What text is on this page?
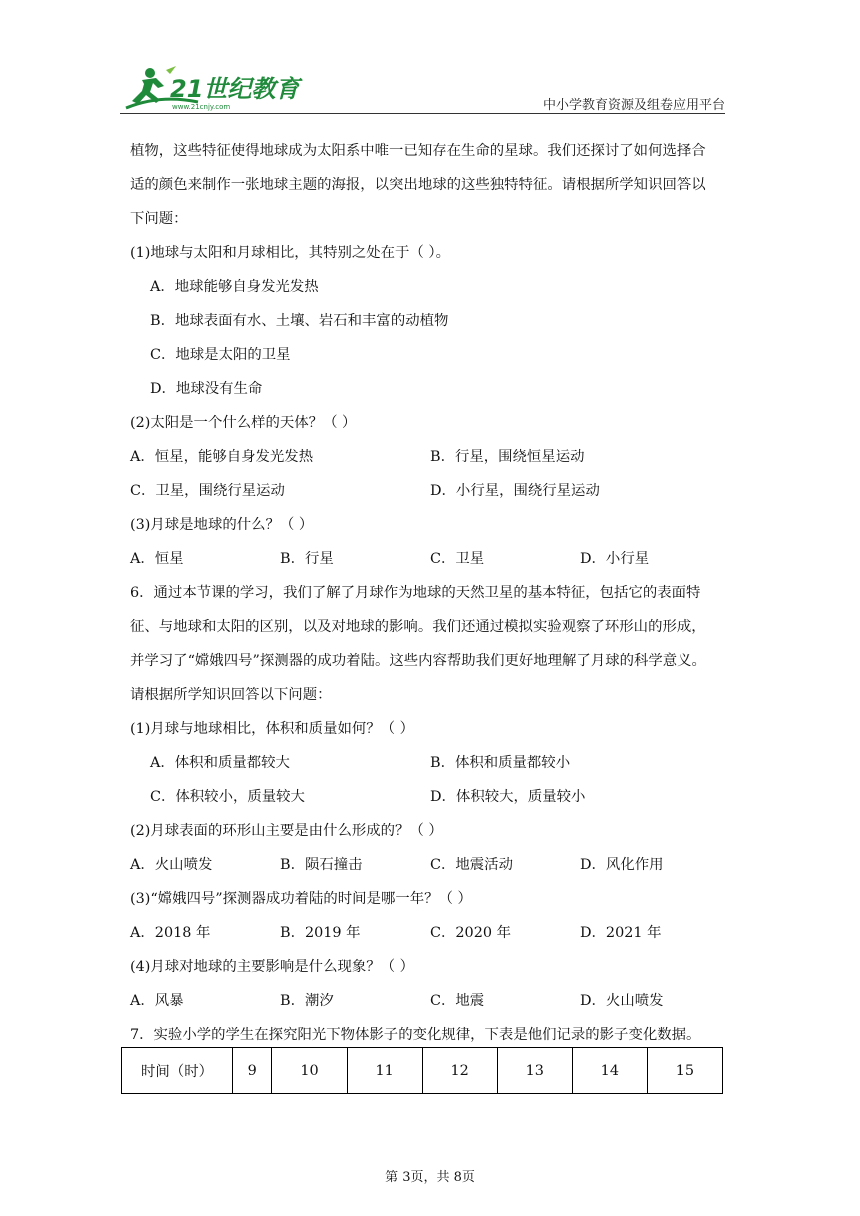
21世纪教育
www.21cnjy.com	中小学教育资源及组卷应用平台
植物，这些特征使得地球成为太阳系中唯一已知存在生命的星球。我们还探讨了如何选择合
适的颜色来制作一张地球主题的海报，以突出地球的这些独特特征。请根据所学知识回答以
下问题：
(1)地球与太阳和月球相比，其特别之处在于（ ）。
A．地球能够自身发光发热
B．地球表面有水、土壤、岩石和丰富的动植物
C．地球是太阳的卫星
D．地球没有生命
(2)太阳是一个什么样的天体？（ ）
A．恒星，能够自身发光发热	B．行星，围绕恒星运动
C．卫星，围绕行星运动	D．小行星，围绕行星运动
(3)月球是地球的什么？（ ）
A．恒星	B．行星	C．卫星	D．小行星
6．通过本节课的学习，我们了解了月球作为地球的天然卫星的基本特征，包括它的表面特
征、与地球和太阳的区别，以及对地球的影响。我们还通过模拟实验观察了环形山的形成，
并学习了“嫦娥四号”探测器的成功着陆。这些内容帮助我们更好地理解了月球的科学意义。
请根据所学知识回答以下问题：
(1)月球与地球相比，体积和质量如何？（ ）
A．体积和质量都较大	B．体积和质量都较小
C．体积较小，质量较大	D．体积较大，质量较小
(2)月球表面的环形山主要是由什么形成的？（ ）
A．火山喷发	B．陨石撞击	C．地震活动	D．风化作用
(3)“嫦娥四号”探测器成功着陆的时间是哪一年？（ ）
A．2018 年	B．2019 年	C．2020 年	D．2021 年
(4)月球对地球的主要影响是什么现象？（ ）
A．风暴	B．潮汐	C．地震	D．火山喷发
7．实验小学的学生在探究阳光下物体影子的变化规律，下表是他们记录的影子变化数据。
时间（时）	9	10	11	12	13	14	15
第 3页，共 8页
